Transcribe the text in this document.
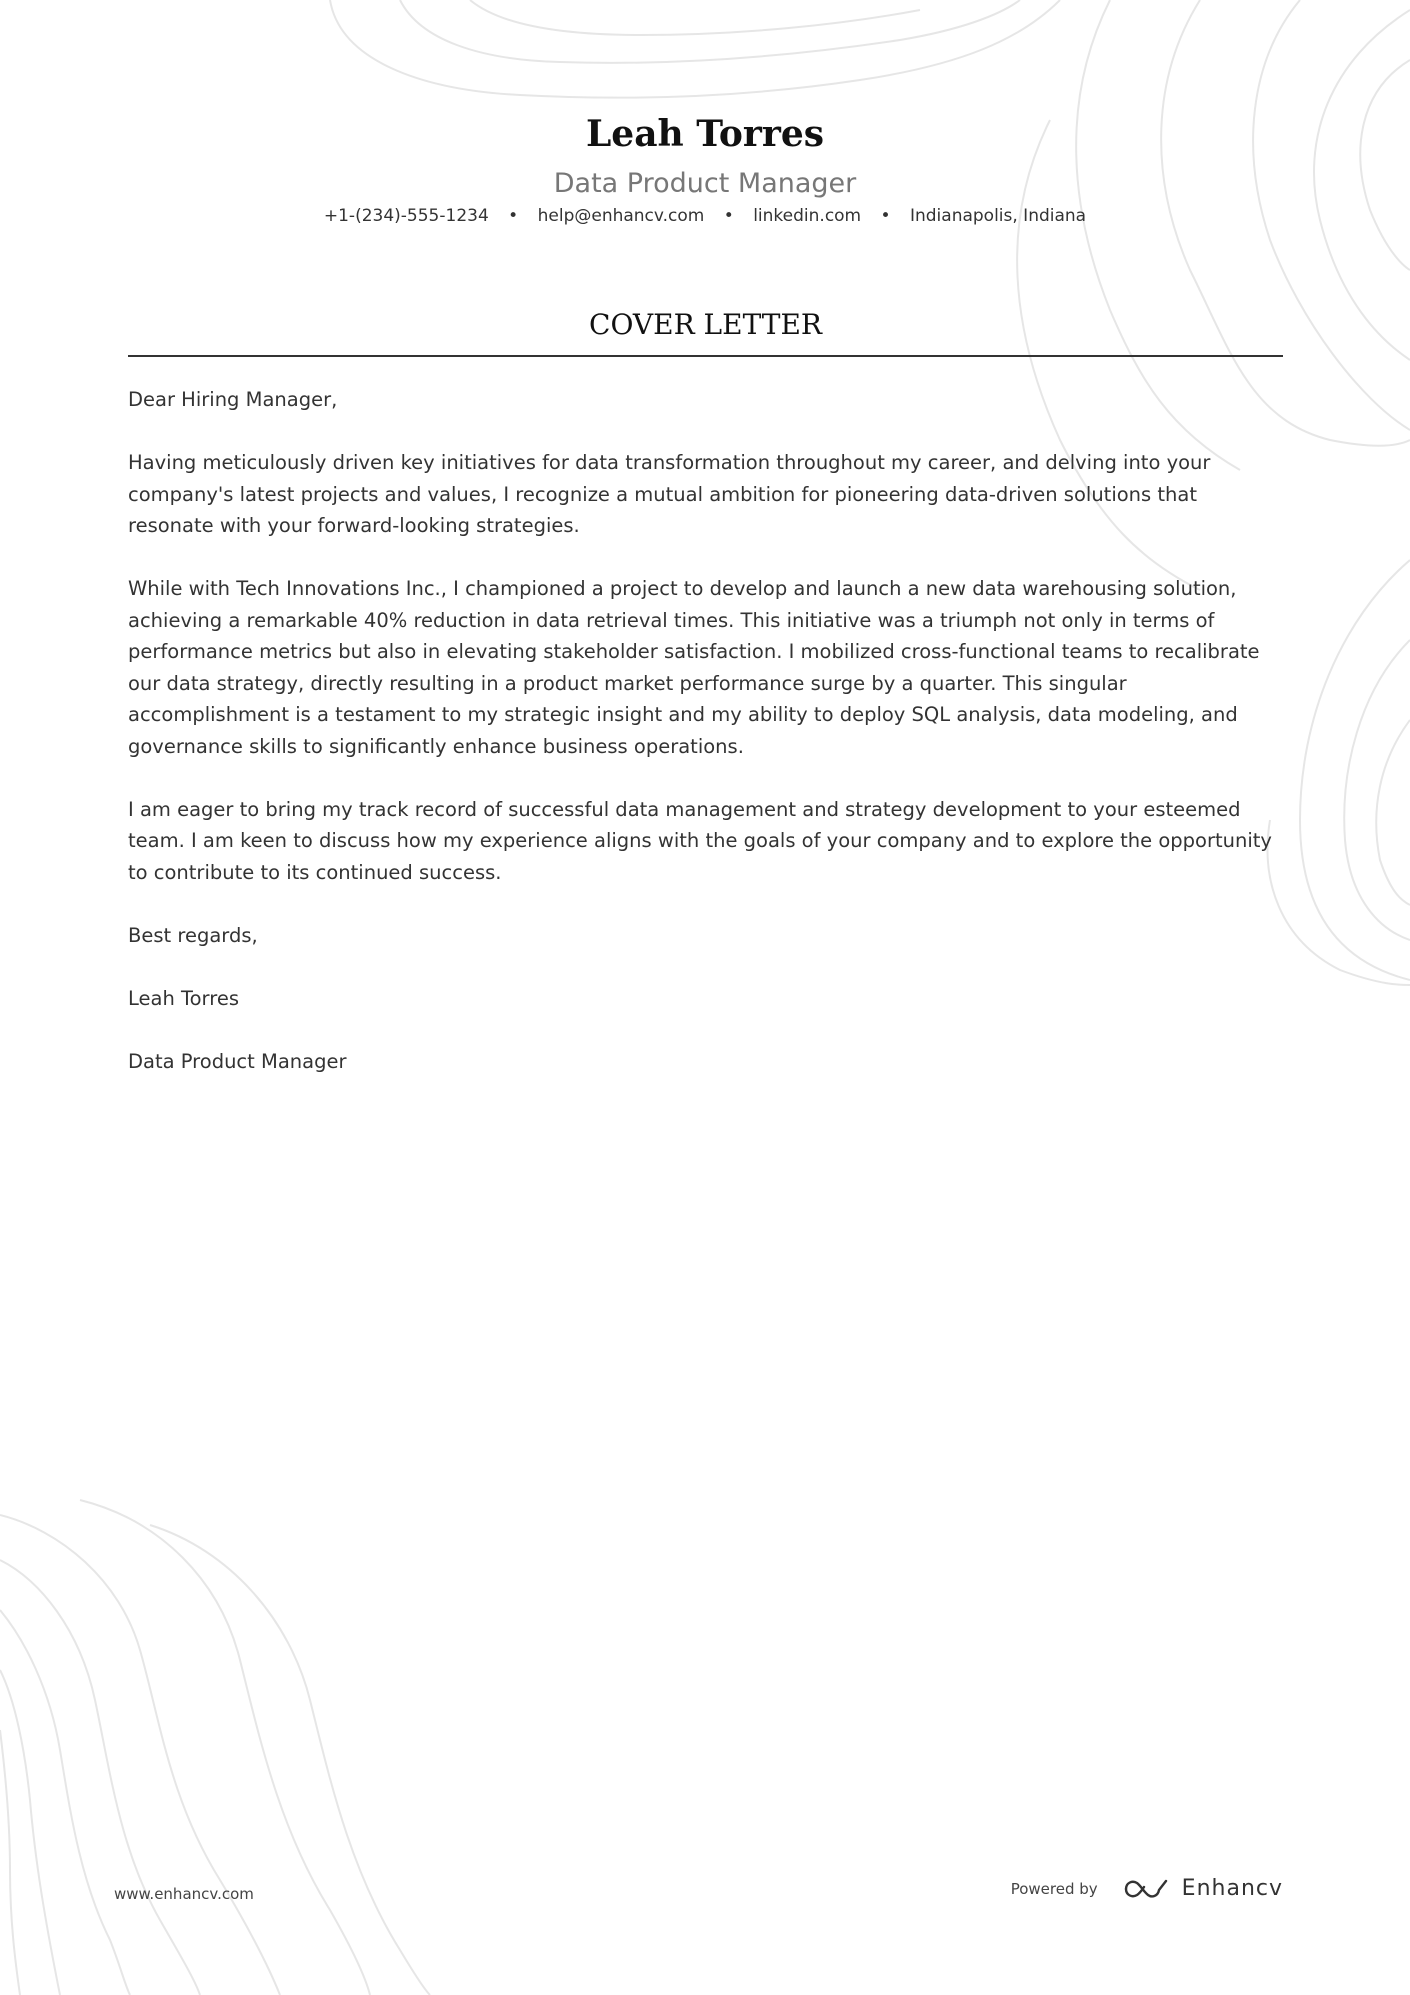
Leah Torres
Data Product Manager
+1-(234)-555-1234 • help@enhancv.com • linkedin.com • Indianapolis, Indiana
COVER LETTER

Dear Hiring Manager,

Having meticulously driven key initiatives for data transformation throughout my career, and delving into your company's latest projects and values, I recognize a mutual ambition for pioneering data-driven solutions that resonate with your forward-looking strategies.

While with Tech Innovations Inc., I championed a project to develop and launch a new data warehousing solution, achieving a remarkable 40% reduction in data retrieval times. This initiative was a triumph not only in terms of performance metrics but also in elevating stakeholder satisfaction. I mobilized cross-functional teams to recalibrate our data strategy, directly resulting in a product market performance surge by a quarter. This singular accomplishment is a testament to my strategic insight and my ability to deploy SQL analysis, data modeling, and governance skills to significantly enhance business operations.

I am eager to bring my track record of successful data management and strategy development to your esteemed team. I am keen to discuss how my experience aligns with the goals of your company and to explore the opportunity to contribute to its continued success.

Best regards,

Leah Torres

Data Product Manager

www.enhancv.com	Powered by	Enhancv
